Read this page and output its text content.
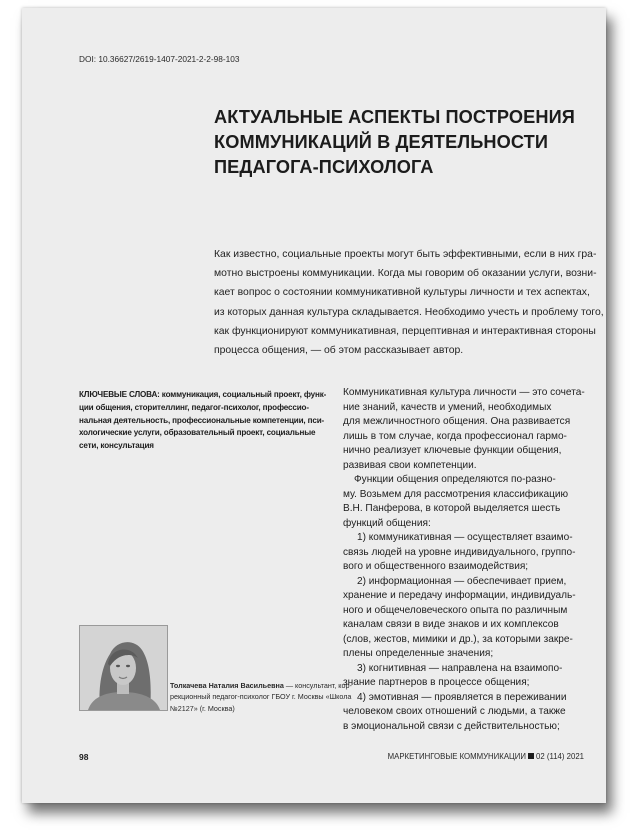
DOI: 10.36627/2619-1407-2021-2-2-98-103
АКТУАЛЬНЫЕ АСПЕКТЫ ПОСТРОЕНИЯ
КОММУНИКАЦИЙ В ДЕЯТЕЛЬНОСТИ
ПЕДАГОГА-ПСИХОЛОГА
Как известно, социальные проекты могут быть эффективными, если в них гра-
мотно выстроены коммуникации. Когда мы говорим об оказании услуги, возни-
кает вопрос о состоянии коммуникативной культуры личности и тех аспектах,
из которых данная культура складывается. Необходимо учесть и проблему того,
как функционируют коммуникативная, перцептивная и интерактивная стороны
процесса общения, — об этом рассказывает автор.
КЛЮЧЕВЫЕ СЛОВА: коммуникация, социальный проект, функ-
ции общения, сторителлинг, педагог-психолог, профессио-
нальная деятельность, профессиональные компетенции, пси-
хологические услуги, образовательный проект, социальные
сети, консультация
Коммуникативная культура личности — это сочета-
ние знаний, качеств и умений, необходимых
для межличностного общения. Она развивается
лишь в том случае, когда профессионал гармо-
нично реализует ключевые функции общения,
развивая свои компетенции.
Функции общения определяются по-разно-
му. Возьмем для рассмотрения классификацию
В.Н. Панферова, в которой выделяется шесть
функций общения:
1) коммуникативная — осуществляет взаимо-
связь людей на уровне индивидуального, группо-
вого и общественного взаимодействия;
2) информационная — обеспечивает прием,
хранение и передачу информации, индивидуаль-
ного и общечеловеческого опыта по различным
каналам связи в виде знаков и их комплексов
(слов, жестов, мимики и др.), за которыми закре-
плены определенные значения;
3) когнитивная — направлена на взаимопо-
знание партнеров в процессе общения;
4) эмотивная — проявляется в переживании
человеком своих отношений с людьми, а также
в эмоциональной связи с действительностью;
Толкачева Наталия Васильевна — консультант, кор-
рекционный педагог-психолог ГБОУ г. Москвы «Школа
№2127» (г. Москва)
98	МАРКЕТИНГОВЫЕ КОММУНИКАЦИИ 02 (114) 2021
